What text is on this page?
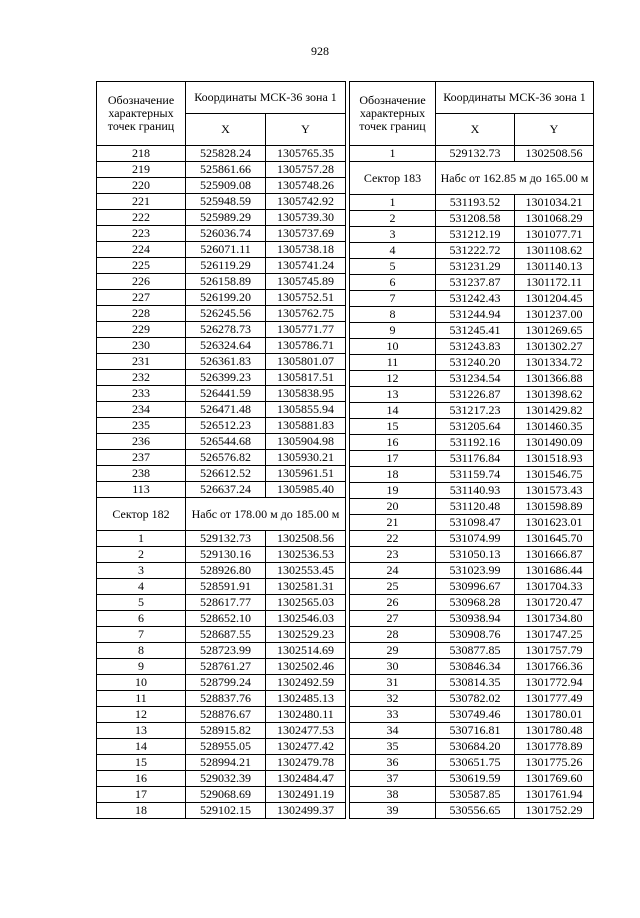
928
Обозначение характерных точек границ	Координаты МСК-36 зона 1	
	X	Y
218	525828.24	1305765.35
219	525861.66	1305757.28
220	525909.08	1305748.26
221	525948.59	1305742.92
222	525989.29	1305739.30
223	526036.74	1305737.69
224	526071.11	1305738.18
225	526119.29	1305741.24
226	526158.89	1305745.89
227	526199.20	1305752.51
228	526245.56	1305762.75
229	526278.73	1305771.77
230	526324.64	1305786.71
231	526361.83	1305801.07
232	526399.23	1305817.51
233	526441.59	1305838.95
234	526471.48	1305855.94
235	526512.23	1305881.83
236	526544.68	1305904.98
237	526576.82	1305930.21
238	526612.52	1305961.51
113	526637.24	1305985.40
Сектор 182	Набс от 178.00 м до 185.00 м	
1	529132.73	1302508.56
2	529130.16	1302536.53
3	528926.80	1302553.45
4	528591.91	1302581.31
5	528617.77	1302565.03
6	528652.10	1302546.03
7	528687.55	1302529.23
8	528723.99	1302514.69
9	528761.27	1302502.46
10	528799.24	1302492.59
11	528837.76	1302485.13
12	528876.67	1302480.11
13	528915.82	1302477.53
14	528955.05	1302477.42
15	528994.21	1302479.78
16	529032.39	1302484.47
17	529068.69	1302491.19
18	529102.15	1302499.37
Обозначение характерных точек границ	Координаты МСК-36 зона 1	
	X	Y
1	529132.73	1302508.56
Сектор 183	Набс от 162.85 м до 165.00 м	
1	531193.52	1301034.21
2	531208.58	1301068.29
3	531212.19	1301077.71
4	531222.72	1301108.62
5	531231.29	1301140.13
6	531237.87	1301172.11
7	531242.43	1301204.45
8	531244.94	1301237.00
9	531245.41	1301269.65
10	531243.83	1301302.27
11	531240.20	1301334.72
12	531234.54	1301366.88
13	531226.87	1301398.62
14	531217.23	1301429.82
15	531205.64	1301460.35
16	531192.16	1301490.09
17	531176.84	1301518.93
18	531159.74	1301546.75
19	531140.93	1301573.43
20	531120.48	1301598.89
21	531098.47	1301623.01
22	531074.99	1301645.70
23	531050.13	1301666.87
24	531023.99	1301686.44
25	530996.67	1301704.33
26	530968.28	1301720.47
27	530938.94	1301734.80
28	530908.76	1301747.25
29	530877.85	1301757.79
30	530846.34	1301766.36
31	530814.35	1301772.94
32	530782.02	1301777.49
33	530749.46	1301780.01
34	530716.81	1301780.48
35	530684.20	1301778.89
36	530651.75	1301775.26
37	530619.59	1301769.60
38	530587.85	1301761.94
39	530556.65	1301752.29
